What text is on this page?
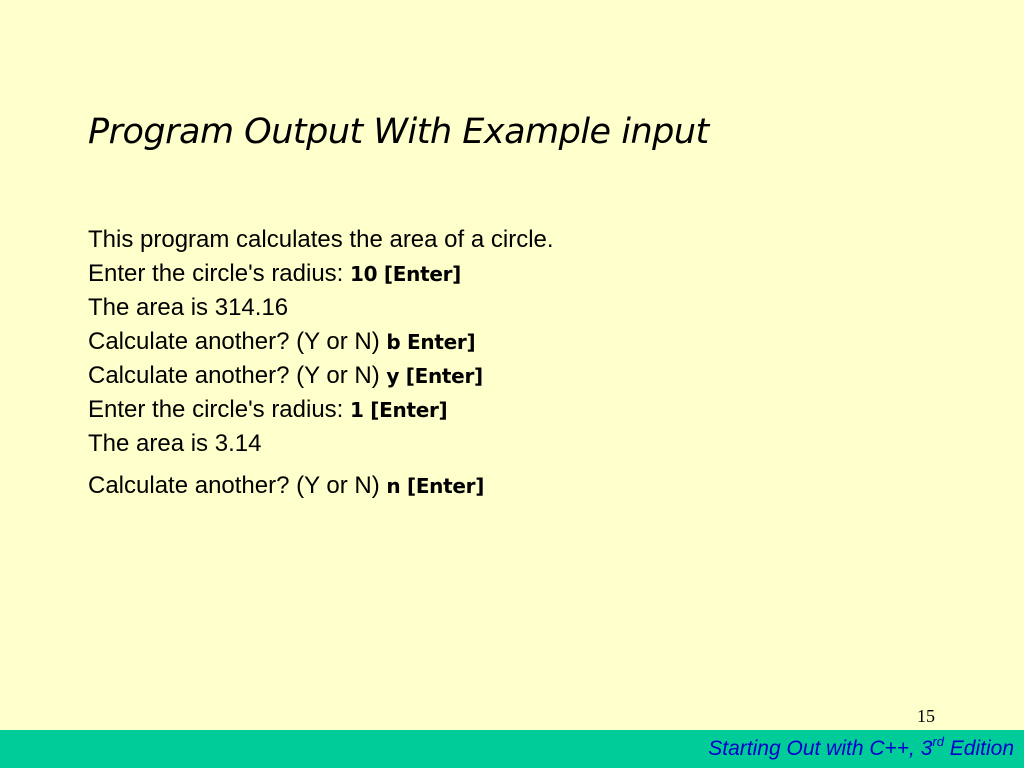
Program Output With Example input
This program calculates the area of a circle.
Enter the circle's radius: 10 [Enter]
The area is 314.16
Calculate another? (Y or N) b Enter]
Calculate another? (Y or N) y [Enter]
Enter the circle's radius: 1 [Enter]
The area is 3.14
Calculate another? (Y or N) n [Enter]
15
Starting Out with C++, 3rd Edition
